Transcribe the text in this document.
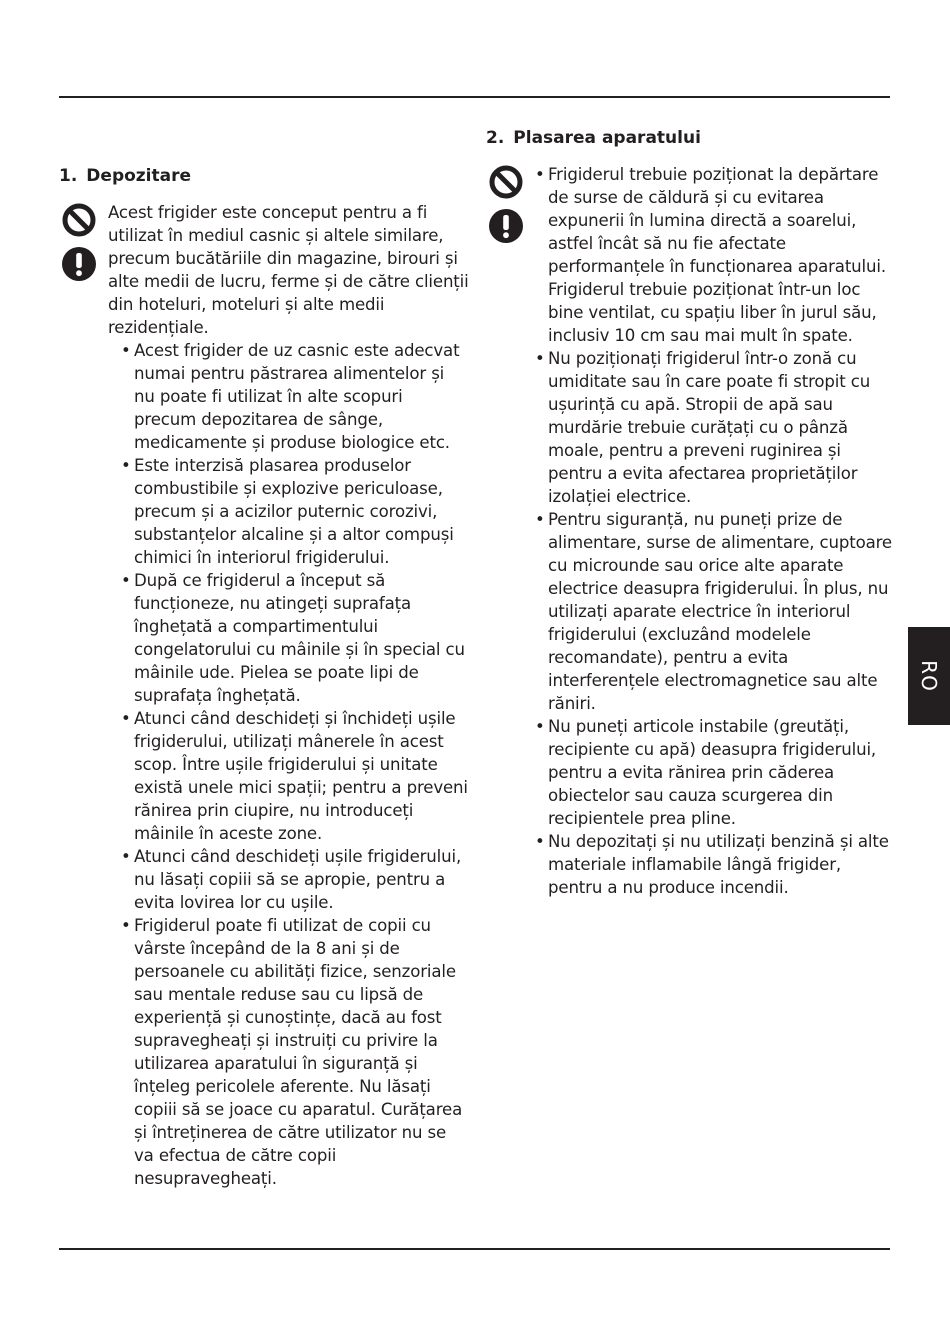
1. Depozitare

Acest frigider este conceput pentru a fi utilizat în mediul casnic și altele similare, precum bucătăriile din magazine, birouri și alte medii de lucru, ferme și de către clienții din hoteluri, moteluri și alte medii rezidențiale.

• Acest frigider de uz casnic este adecvat numai pentru păstrarea alimentelor și nu poate fi utilizat în alte scopuri precum depozitarea de sânge, medicamente și produse biologice etc.
• Este interzisă plasarea produselor combustibile și explozive periculoase, precum și a acizilor puternic corozivi, substanțelor alcaline și a altor compuși chimici în interiorul frigiderului.
• După ce frigiderul a început să funcționeze, nu atingeți suprafața înghețată a compartimentului congelatorului cu mâinile și în special cu mâinile ude. Pielea se poate lipi de suprafața înghețată.
• Atunci când deschideți și închideți ușile frigiderului, utilizați mânerele în acest scop. Între ușile frigiderului și unitate există unele mici spații; pentru a preveni rănirea prin ciupire, nu introduceți mâinile în aceste zone.
• Atunci când deschideți ușile frigiderului, nu lăsați copiii să se apropie, pentru a evita lovirea lor cu ușile.
• Frigiderul poate fi utilizat de copii cu vârste începând de la 8 ani și de persoanele cu abilități fizice, senzoriale sau mentale reduse sau cu lipsă de experiență și cunoștințe, dacă au fost supravegheați și instruiți cu privire la utilizarea aparatului în siguranță și înțeleg pericolele aferente. Nu lăsați copiii să se joace cu aparatul. Curățarea și întreținerea de către utilizator nu se va efectua de către copii nesupravegheați.
2. Plasarea aparatului
• Frigiderul trebuie poziționat la depărtare de surse de căldură și cu evitarea expunerii în lumina directă a soarelui, astfel încât să nu fie afectate performanțele în funcționarea aparatului. Frigiderul trebuie poziționat într-un loc bine ventilat, cu spațiu liber în jurul său, inclusiv 10 cm sau mai mult în spate.
• Nu poziționați frigiderul într-o zonă cu umiditate sau în care poate fi stropit cu ușurință cu apă. Stropii de apă sau murdărie trebuie curățați cu o pânză moale, pentru a preveni ruginirea și pentru a evita afectarea proprietăților izolației electrice.
• Pentru siguranță, nu puneți prize de alimentare, surse de alimentare, cuptoare cu microunde sau orice alte aparate electrice deasupra frigiderului. În plus, nu utilizați aparate electrice în interiorul frigiderului (excluzând modelele recomandate), pentru a evita interferențele electromagnetice sau alte răniri.
• Nu puneți articole instabile (greutăți, recipiente cu apă) deasupra frigiderului, pentru a evita rănirea prin căderea obiectelor sau cauza scurgerea din recipientele prea pline.
• Nu depozitați și nu utilizați benzină și alte materiale inflamabile lângă frigider, pentru a nu produce incendii.
RO
